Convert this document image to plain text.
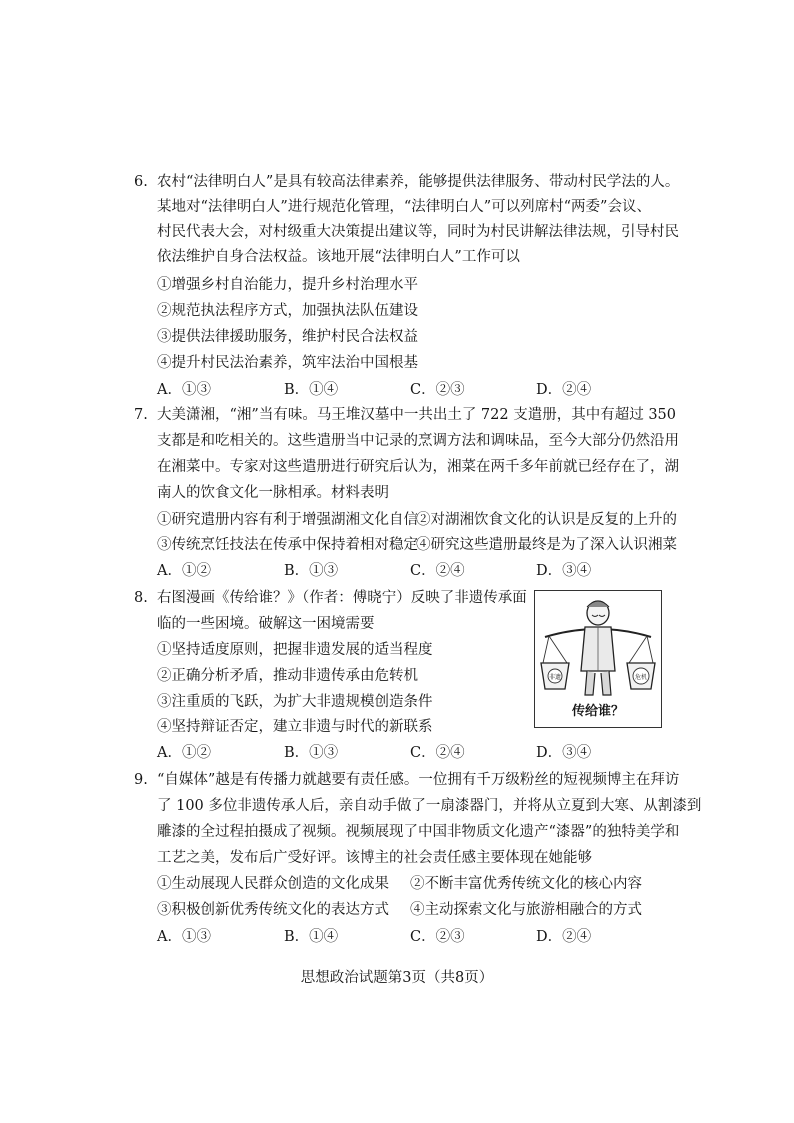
6. 农村“法律明白人”是具有较高法律素养，能够提供法律服务、带动村民学法的人。
某地对“法律明白人”进行规范化管理，“法律明白人”可以列席村“两委”会议、
村民代表大会，对村级重大决策提出建议等，同时为村民讲解法律法规，引导村民
依法维护自身合法权益。该地开展“法律明白人”工作可以
①增强乡村自治能力，提升乡村治理水平
②规范执法程序方式，加强执法队伍建设
③提供法律援助服务，维护村民合法权益
④提升村民法治素养，筑牢法治中国根基
A．①③	B．①④	C．②③	D．②④
7. 大美潇湘，“湘”当有味。马王堆汉墓中一共出土了 722 支遣册，其中有超过 350
支都是和吃相关的。这些遣册当中记录的烹调方法和调味品，至今大部分仍然沿用
在湘菜中。专家对这些遣册进行研究后认为，湘菜在两千多年前就已经存在了，湖
南人的饮食文化一脉相承。材料表明
①研究遣册内容有利于增强湖湘文化自信
②对湖湘饮食文化的认识是反复的上升的
③传统烹饪技法在传承中保持着相对稳定
④研究这些遣册最终是为了深入认识湘菜
A．①②	B．①③	C．②④	D．③④
8. 右图漫画《传给谁？》（作者：傅晓宁）反映了非遗传承面
临的一些困境。破解这一困境需要
①坚持适度原则，把握非遗发展的适当程度
②正确分析矛盾，推动非遗传承由危转机
③注重质的飞跃，为扩大非遗规模创造条件
④坚持辩证否定，建立非遗与时代的新联系
非遗	危机
传给谁？
A．①②	B．①③	C．②④	D．③④
9. “自媒体”越是有传播力就越要有责任感。一位拥有千万级粉丝的短视频博主在拜访
了 100 多位非遗传承人后，亲自动手做了一扇漆器门，并将从立夏到大寒、从割漆到
雕漆的全过程拍摄成了视频。视频展现了中国非物质文化遗产“漆器”的独特美学和
工艺之美，发布后广受好评。该博主的社会责任感主要体现在她能够
①生动展现人民群众创造的文化成果 ②不断丰富优秀传统文化的核心内容
③积极创新优秀传统文化的表达方式 ④主动探索文化与旅游相融合的方式
A．①③	B．①④	C．②③	D．②④
思想政治试题第3页（共8页）
